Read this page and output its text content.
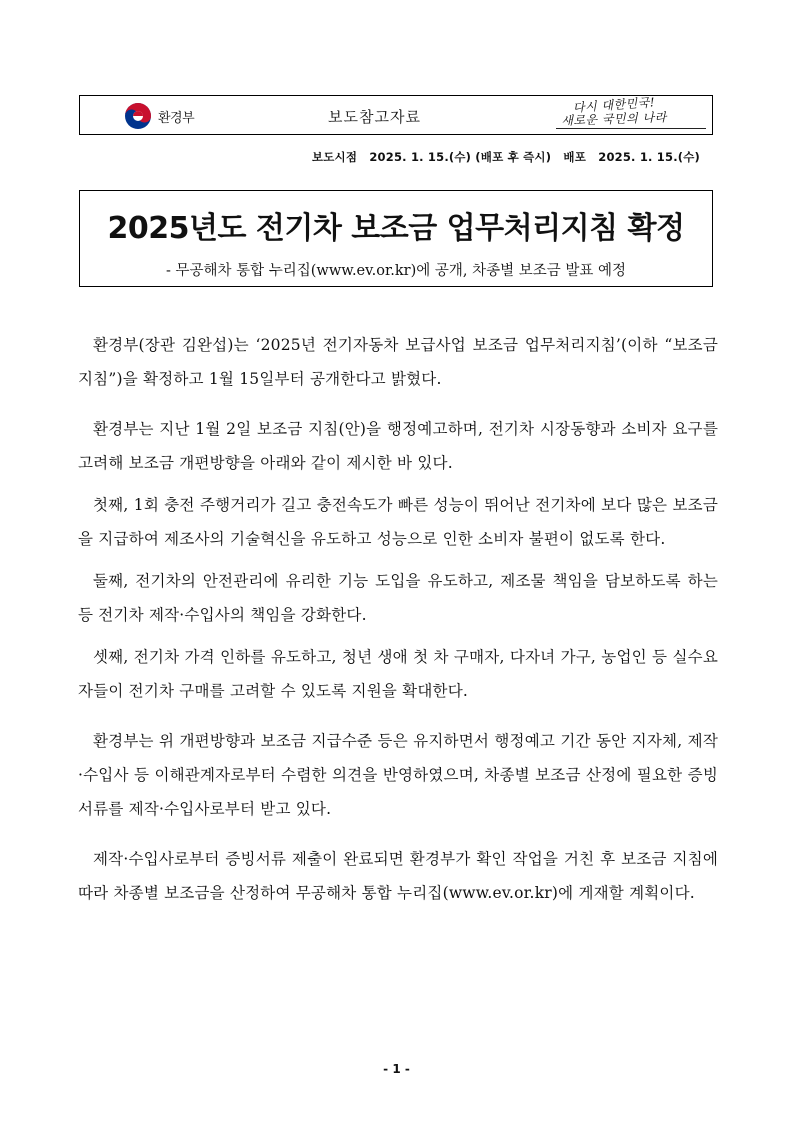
환경부	보도참고자료
다시 대한민국!
새로운 국민의 나라
보도시점 2025. 1. 15.(수) (배포 후 즉시) 배포 2025. 1. 15.(수)
2025년도 전기차 보조금 업무처리지침 확정
- 무공해차 통합 누리집(www.ev.or.kr)에 공개, 차종별 보조금 발표 예정

환경부(장관 김완섭)는 ‘2025년 전기자동차 보급사업 보조금 업무처리지침’(이하 “보조금 지침”)을 확정하고 1월 15일부터 공개한다고 밝혔다.

환경부는 지난 1월 2일 보조금 지침(안)을 행정예고하며, 전기차 시장동향과 소비자 요구를 고려해 보조금 개편방향을 아래와 같이 제시한 바 있다.

첫째, 1회 충전 주행거리가 길고 충전속도가 빠른 성능이 뛰어난 전기차에 보다 많은 보조금을 지급하여 제조사의 기술혁신을 유도하고 성능으로 인한 소비자 불편이 없도록 한다.

둘째, 전기차의 안전관리에 유리한 기능 도입을 유도하고, 제조물 책임을 담보하도록 하는 등 전기차 제작·수입사의 책임을 강화한다.

셋째, 전기차 가격 인하를 유도하고, 청년 생애 첫 차 구매자, 다자녀 가구, 농업인 등 실수요자들이 전기차 구매를 고려할 수 있도록 지원을 확대한다.

환경부는 위 개편방향과 보조금 지급수준 등은 유지하면서 행정예고 기간 동안 지자체, 제작·수입사 등 이해관계자로부터 수렴한 의견을 반영하였으며, 차종별 보조금 산정에 필요한 증빙서류를 제작·수입사로부터 받고 있다.

제작·수입사로부터 증빙서류 제출이 완료되면 환경부가 확인 작업을 거친 후 보조금 지침에 따라 차종별 보조금을 산정하여 무공해차 통합 누리집(www.ev.or.kr)에 게재할 계획이다.

- 1 -
